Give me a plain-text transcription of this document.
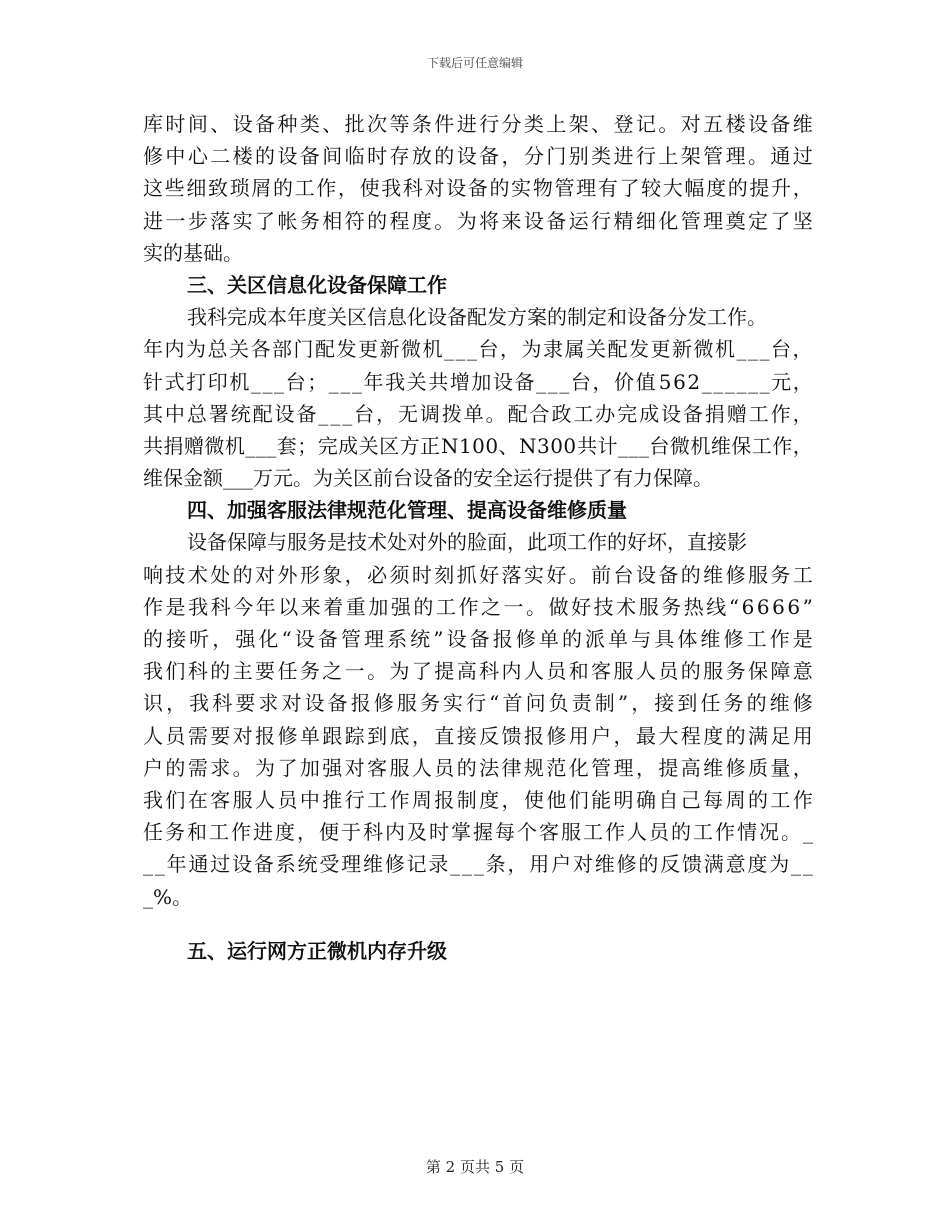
下载后可任意编辑
库 时 间 、 设 备 种 类 、 批 次 等 条 件 进 行 分 类 上 架 、 登 记 。 对 五 楼 设 备 维
修 中 心 二 楼 的 设 备 间 临 时 存 放 的 设 备 ， 分 门 别 类 进 行 上 架 管 理 。 通 过
这 些 细 致 琐 屑 的 工 作 ， 使 我 科 对 设 备 的 实 物 管 理 有 了 较 大 幅 度 的 提 升 ，
进 一 步 落 实 了 帐 务 相 符 的 程 度 。 为 将 来 设 备 运 行 精 细 化 管 理 奠 定 了 坚
实的基础。
三、关区信息化设备保障工作
我科完成本年度关区信息化设备配发方案的制定和设备分发工作。
年 内 为 总 关 各 部 门 配 发 更 新 微 机 _ _ _ 台 ， 为 隶 属 关 配 发 更 新 微 机 _ _ _ 台 ，
针 式 打 印 机 _ _ _ 台 ； _ _ _ 年 我 关 共 增 加 设 备 _ _ _ 台 ， 价 值 5 6 2 _ _ _ _ _ _ 元 ，
其 中 总 署 统 配 设 备 _ _ _ 台 ， 无 调 拨 单 。 配 合 政 工 办 完 成 设 备 捐 赠 工 作 ，
共 捐 赠 微 机 _ _ _ 套 ； 完 成 关 区 方 正 N 1 0 0 、 N 3 0 0 共 计 _ _ _ 台 微 机 维 保 工 作 ，
维保金额___万元。为关区前台设备的安全运行提供了有力保障。
四、加强客服法律规范化管理、提高设备维修质量
设备保障与服务是技术处对外的脸面，此项工作的好坏，直接影
响 技 术 处 的 对 外 形 象 ， 必 须 时 刻 抓 好 落 实 好 。 前 台 设 备 的 维 修 服 务 工
作 是 我 科 今 年 以 来 着 重 加 强 的 工 作 之 一 。 做 好 技 术 服 务 热 线 “ 6 6 6 6 ”
的 接 听 ， 强 化 “ 设 备 管 理 系 统 ” 设 备 报 修 单 的 派 单 与 具 体 维 修 工 作 是
我 们 科 的 主 要 任 务 之 一 。 为 了 提 高 科 内 人 员 和 客 服 人 员 的 服 务 保 障 意
识 ， 我 科 要 求 对 设 备 报 修 服 务 实 行 “ 首 问 负 责 制 ” ， 接 到 任 务 的 维 修
人 员 需 要 对 报 修 单 跟 踪 到 底 ， 直 接 反 馈 报 修 用 户 ， 最 大 程 度 的 满 足 用
户 的 需 求 。 为 了 加 强 对 客 服 人 员 的 法 律 规 范 化 管 理 ， 提 高 维 修 质 量 ，
我 们 在 客 服 人 员 中 推 行 工 作 周 报 制 度 ， 使 他 们 能 明 确 自 己 每 周 的 工 作
任 务 和 工 作 进 度 ， 便 于 科 内 及 时 掌 握 每 个 客 服 工 作 人 员 的 工 作 情 况 。 _
_ _ 年 通 过 设 备 系 统 受 理 维 修 记 录 _ _ _ 条 ， 用 户 对 维 修 的 反 馈 满 意 度 为 _ _
_%。
五、运行网方正微机内存升级
第 2 页共 5 页
